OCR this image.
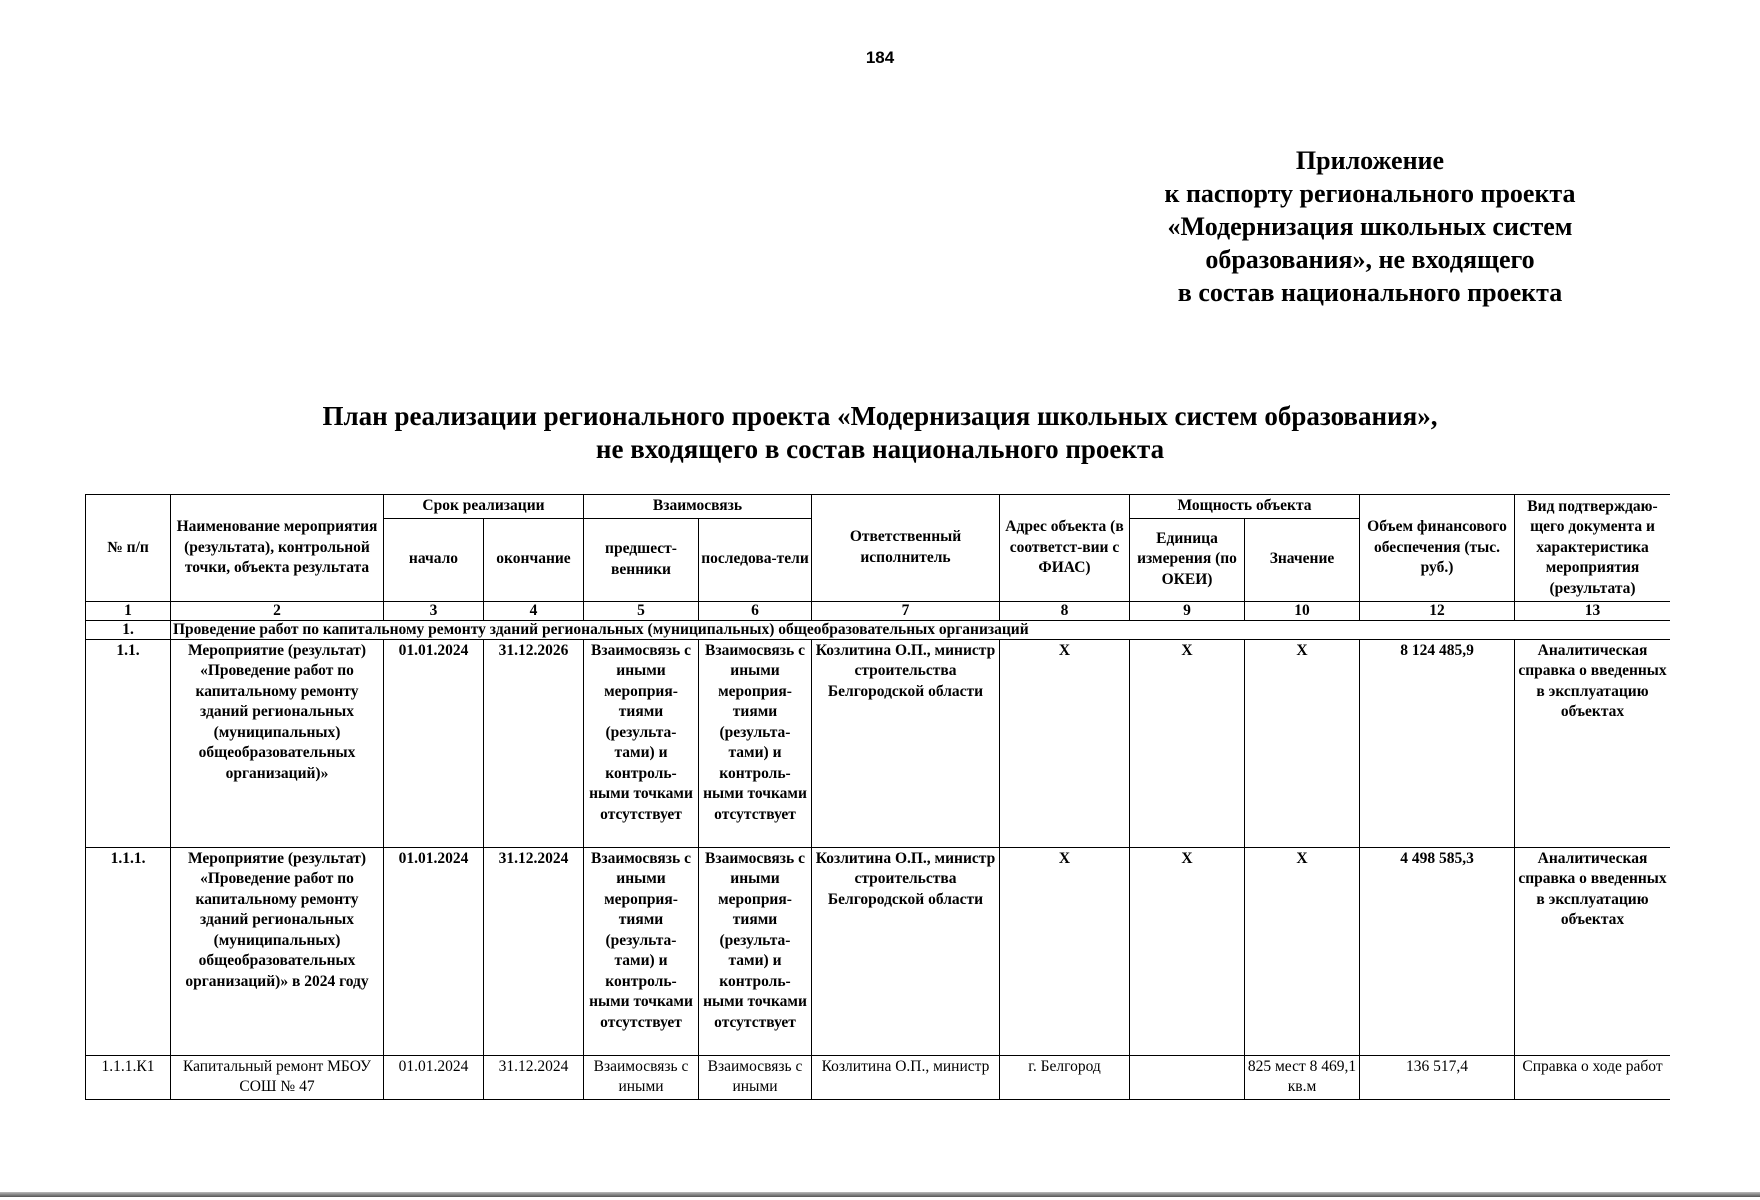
184
Приложение
к паспорту регионального проекта
«Модернизация школьных систем
образования», не входящего
в состав национального проекта
План реализации регионального проекта «Модернизация школьных систем образования»,
не входящего в состав национального проекта
№ п/п	Наименование мероприятия (результата), контрольной точки, объекта результата	Срок реализации		Взаимосвязь		Ответственный исполнитель	Адрес объекта (в соответст-вии с ФИАС)	Мощность объекта		Объем финансового обеспечения (тыс. руб.)	Вид подтверждаю-щего документа и характеристика мероприятия (результата)
		начало	окончание	предшест-венники	последова-тели			Единица измерения (по ОКЕИ)	Значение		
1	2	3	4	5	6	7	8	9	10	12	13
1.	Проведение работ по капитальному ремонту зданий региональных (муниципальных) общеобразовательных организаций										
1.1.	Мероприятие (результат) «Проведение работ по капитальному ремонту зданий региональных (муниципальных) общеобразовательных организаций)»	01.01.2024	31.12.2026	Взаимосвязь с иными мероприя-тиями (результа-тами) и контроль-ными точками отсутствует	Взаимосвязь с иными мероприя-тиями (результа-тами) и контроль-ными точками отсутствует	Козлитина О.П., министр строительства Белгородской области	X	X	X	8 124 485,9	Аналитическая справка о введенных в эксплуатацию объектах
1.1.1.	Мероприятие (результат) «Проведение работ по капитальному ремонту зданий региональных (муниципальных) общеобразовательных организаций)» в 2024 году	01.01.2024	31.12.2024	Взаимосвязь с иными мероприя-тиями (результа-тами) и контроль-ными точками отсутствует	Взаимосвязь с иными мероприя-тиями (результа-тами) и контроль-ными точками отсутствует	Козлитина О.П., министр строительства Белгородской области	X	X	X	4 498 585,3	Аналитическая справка о введенных в эксплуатацию объектах
1.1.1.К1	Капитальный ремонт МБОУ СОШ № 47	01.01.2024	31.12.2024	Взаимосвязь с иными	Взаимосвязь с иными	Козлитина О.П., министр	г. Белгород		825 мест 8 469,1 кв.м	136 517,4	Справка о ходе работ
